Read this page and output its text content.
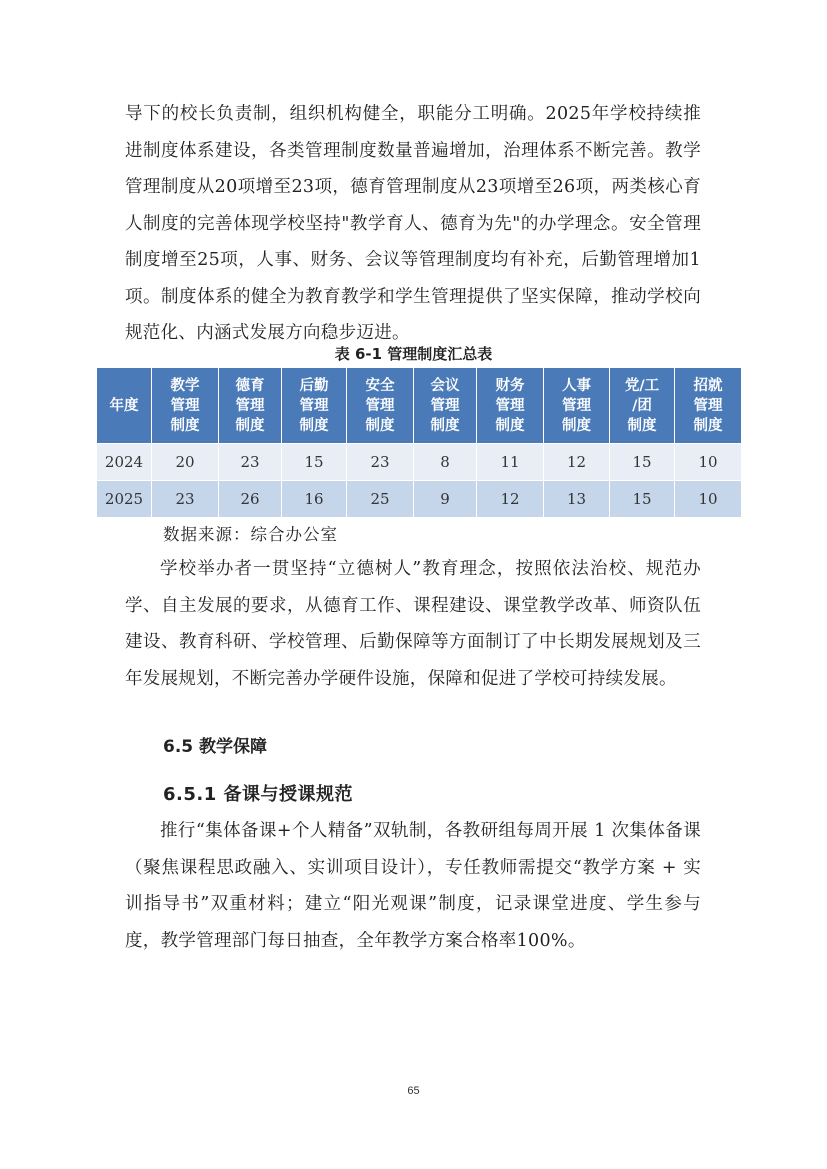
导下的校长负责制，组织机构健全，职能分工明确。2025年学校持续推进制度体系建设，各类管理制度数量普遍增加，治理体系不断完善。教学管理制度从20项增至23项，德育管理制度从23项增至26项，两类核心育人制度的完善体现学校坚持"教学育人、德育为先"的办学理念。安全管理制度增至25项，人事、财务、会议等管理制度均有补充，后勤管理增加1项。制度体系的健全为教育教学和学生管理提供了坚实保障，推动学校向规范化、内涵式发展方向稳步迈进。

表 6-1 管理制度汇总表

年度	教学
管理
制度	德育
管理
制度	后勤
管理
制度	安全
管理
制度	会议
管理
制度	财务
管理
制度	人事
管理
制度	党/工
/团
制度	招就
管理
制度

2024	20	23	15	23	8	11	12	15	10
2025	23	26	16	25	9	12	13	15	10

数据来源：综合办公室

学校举办者一贯坚持“立德树人”教育理念，按照依法治校、规范办学、自主发展的要求，从德育工作、课程建设、课堂教学改革、师资队伍建设、教育科研、学校管理、后勤保障等方面制订了中长期发展规划及三年发展规划，不断完善办学硬件设施，保障和促进了学校可持续发展。

6.5 教学保障

6.5.1 备课与授课规范

推行“集体备课+个人精备”双轨制，各教研组每周开展 1 次集体备课（聚焦课程思政融入、实训项目设计），专任教师需提交“教学方案 + 实训指导书”双重材料；建立“阳光观课”制度，记录课堂进度、学生参与度，教学管理部门每日抽查，全年教学方案合格率100%。

65
